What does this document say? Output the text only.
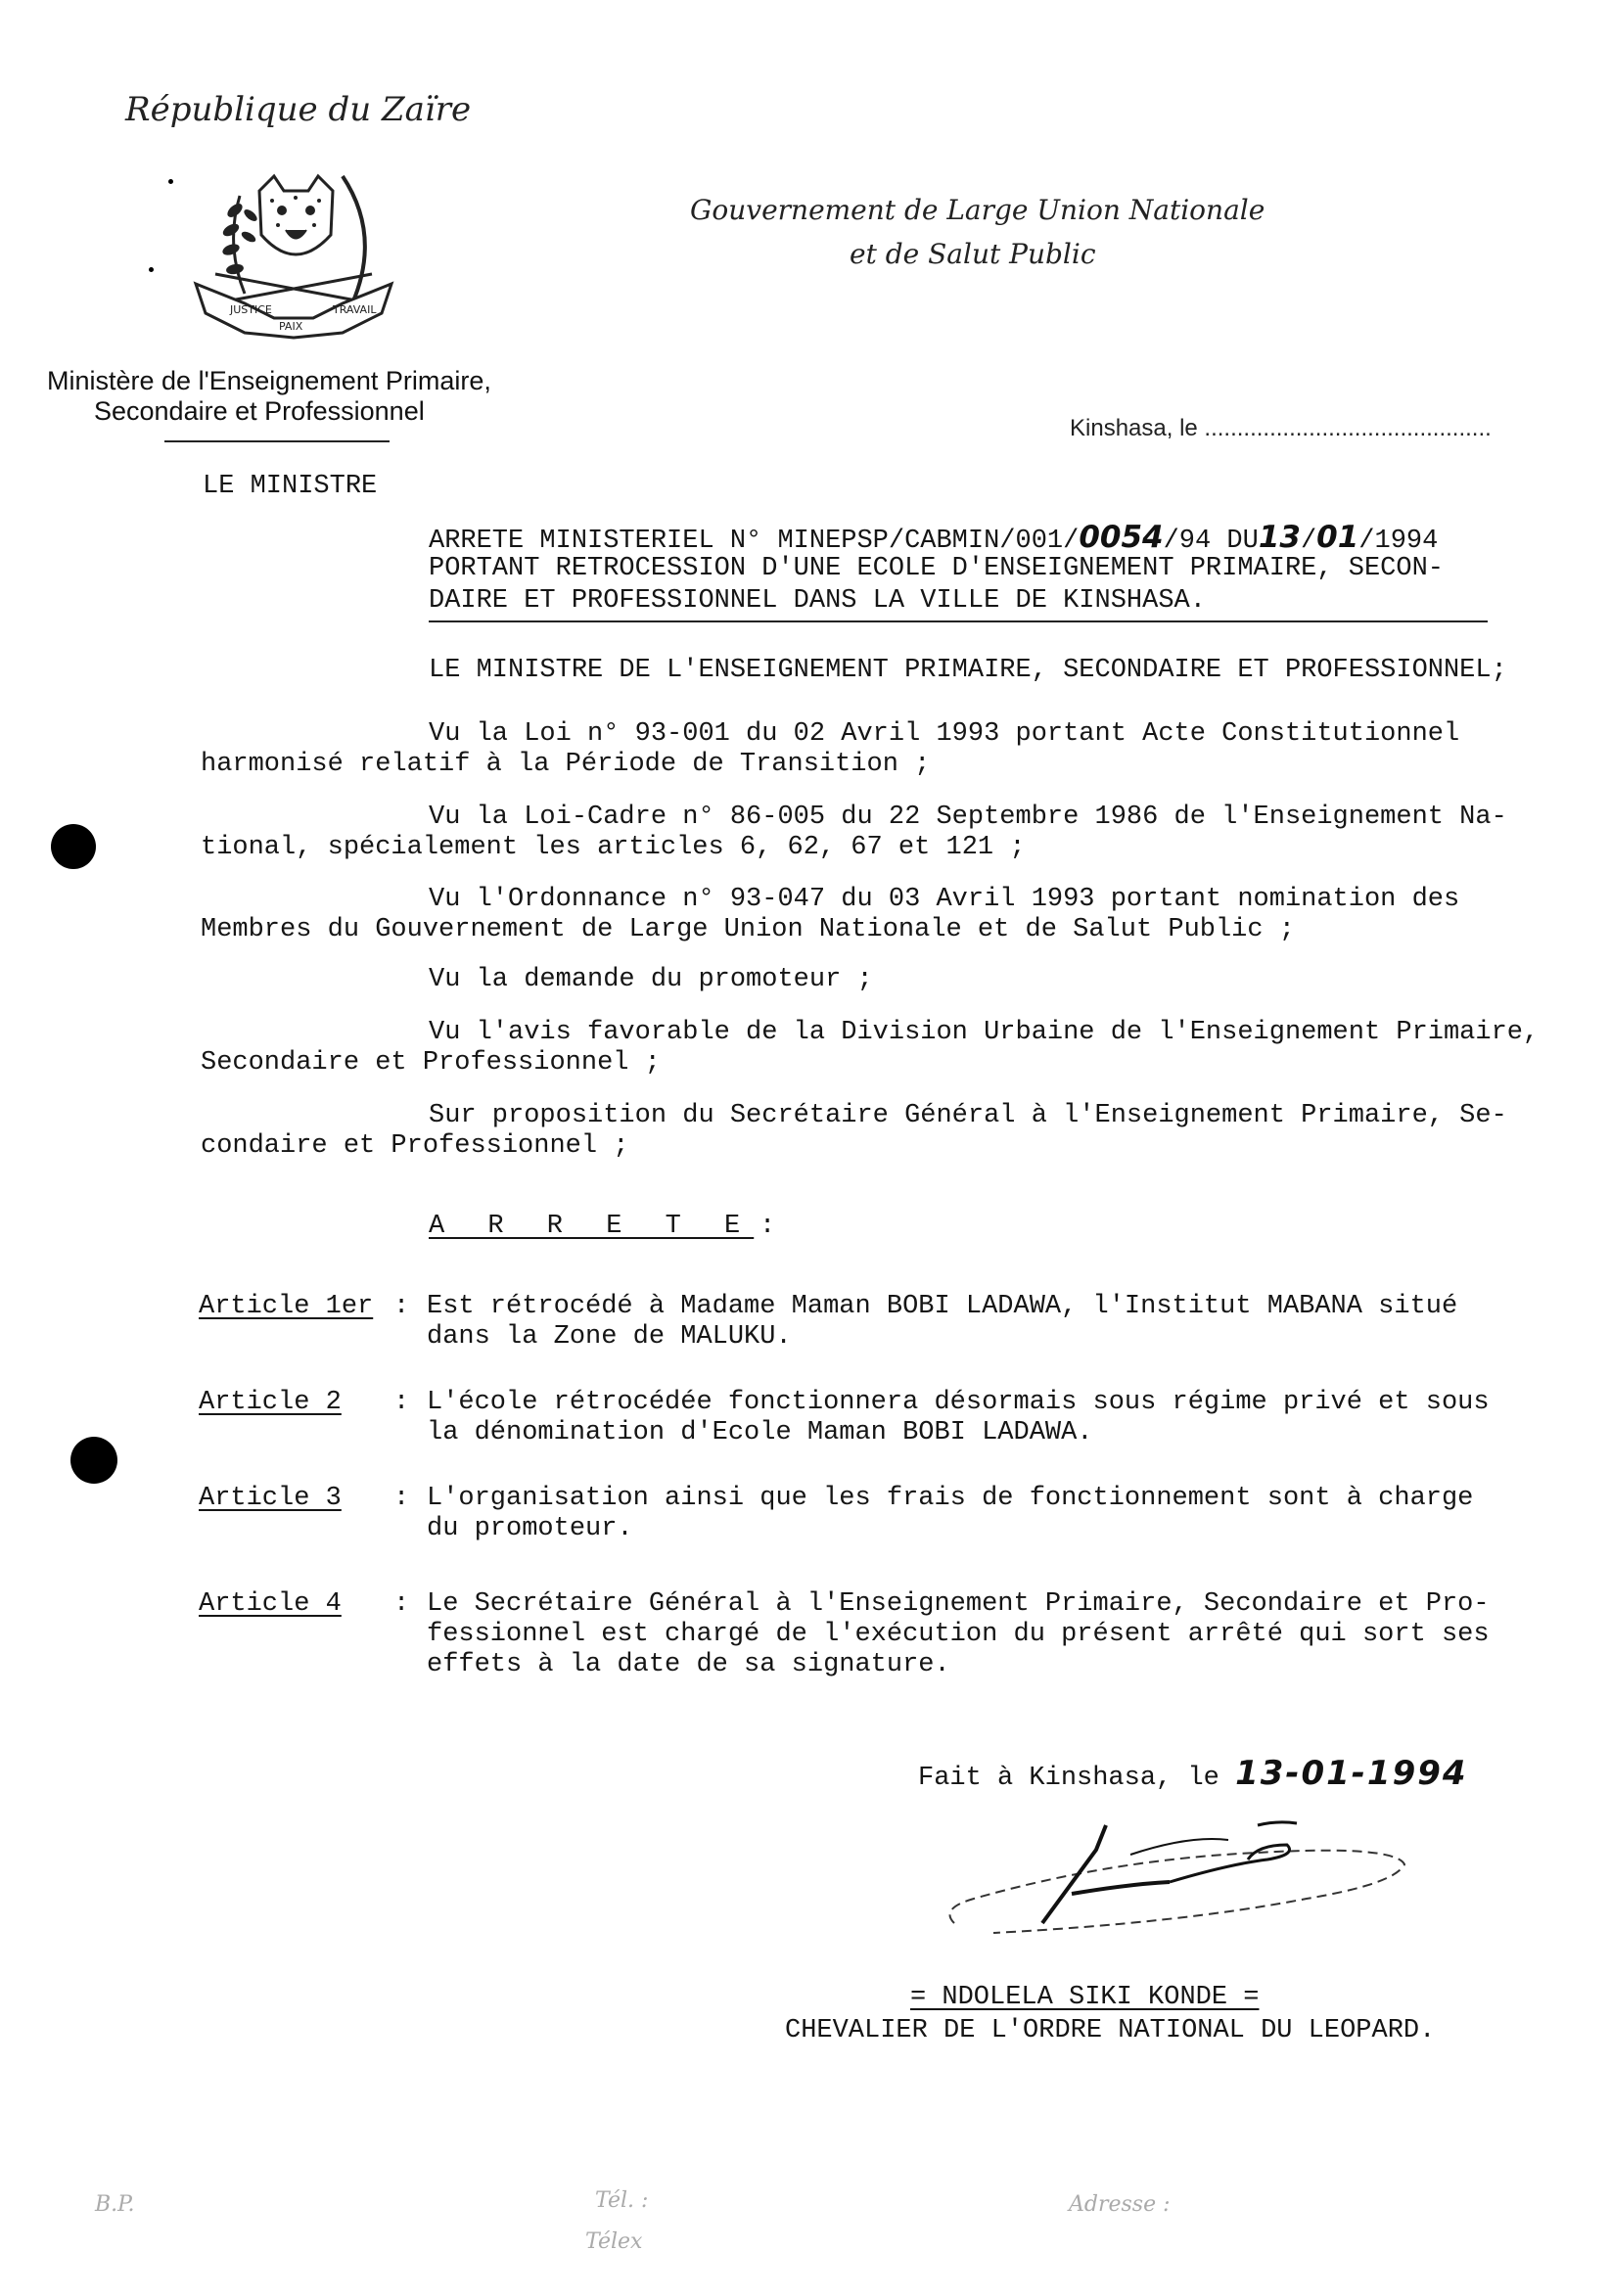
République du Zaïre
JUSTICE
PAIX
TRAVAIL
Gouvernement de Large Union Nationale
et de Salut Public
Ministère de l'Enseignement Primaire,
Secondaire et Professionnel
Kinshasa, le ............................................
LE MINISTRE
ARRETE MINISTERIEL N° MINEPSP/CABMIN/001/0054/94 DU13/01/1994
PORTANT RETROCESSION D'UNE ECOLE D'ENSEIGNEMENT PRIMAIRE, SECON-
DAIRE ET PROFESSIONNEL DANS LA VILLE DE KINSHASA.
LE MINISTRE DE L'ENSEIGNEMENT PRIMAIRE, SECONDAIRE ET PROFESSIONNEL;
Vu la Loi n° 93-001 du 02 Avril 1993 portant Acte Constitutionnel
harmonisé relatif à la Période de Transition ;
Vu la Loi-Cadre n° 86-005 du 22 Septembre 1986 de l'Enseignement Na-
tional, spécialement les articles 6, 62, 67 et 121 ;
Vu l'Ordonnance n° 93-047 du 03 Avril 1993 portant nomination des
Membres du Gouvernement de Large Union Nationale et de Salut Public ;
Vu la demande du promoteur ;
Vu l'avis favorable de la Division Urbaine de l'Enseignement Primaire,
Secondaire et Professionnel ;
Sur proposition du Secrétaire Général à l'Enseignement Primaire, Se-
condaire et Professionnel ;
A R R E T E :
Article 1er : Est rétrocédé à Madame Maman BOBI LADAWA, l'Institut MABANA situé
dans la Zone de MALUKU.
Article 2 : L'école rétrocédée fonctionnera désormais sous régime privé et sous
la dénomination d'Ecole Maman BOBI LADAWA.
Article 3 : L'organisation ainsi que les frais de fonctionnement sont à charge
du promoteur.
Article 4 : Le Secrétaire Général à l'Enseignement Primaire, Secondaire et Pro-
fessionnel est chargé de l'exécution du présent arrêté qui sort ses
effets à la date de sa signature.
Fait à Kinshasa, le 13-01-1994
= NDOLELA SIKI KONDE =
CHEVALIER DE L'ORDRE NATIONAL DU LEOPARD.
B.P.	Tél. :
Télex
Adresse :
